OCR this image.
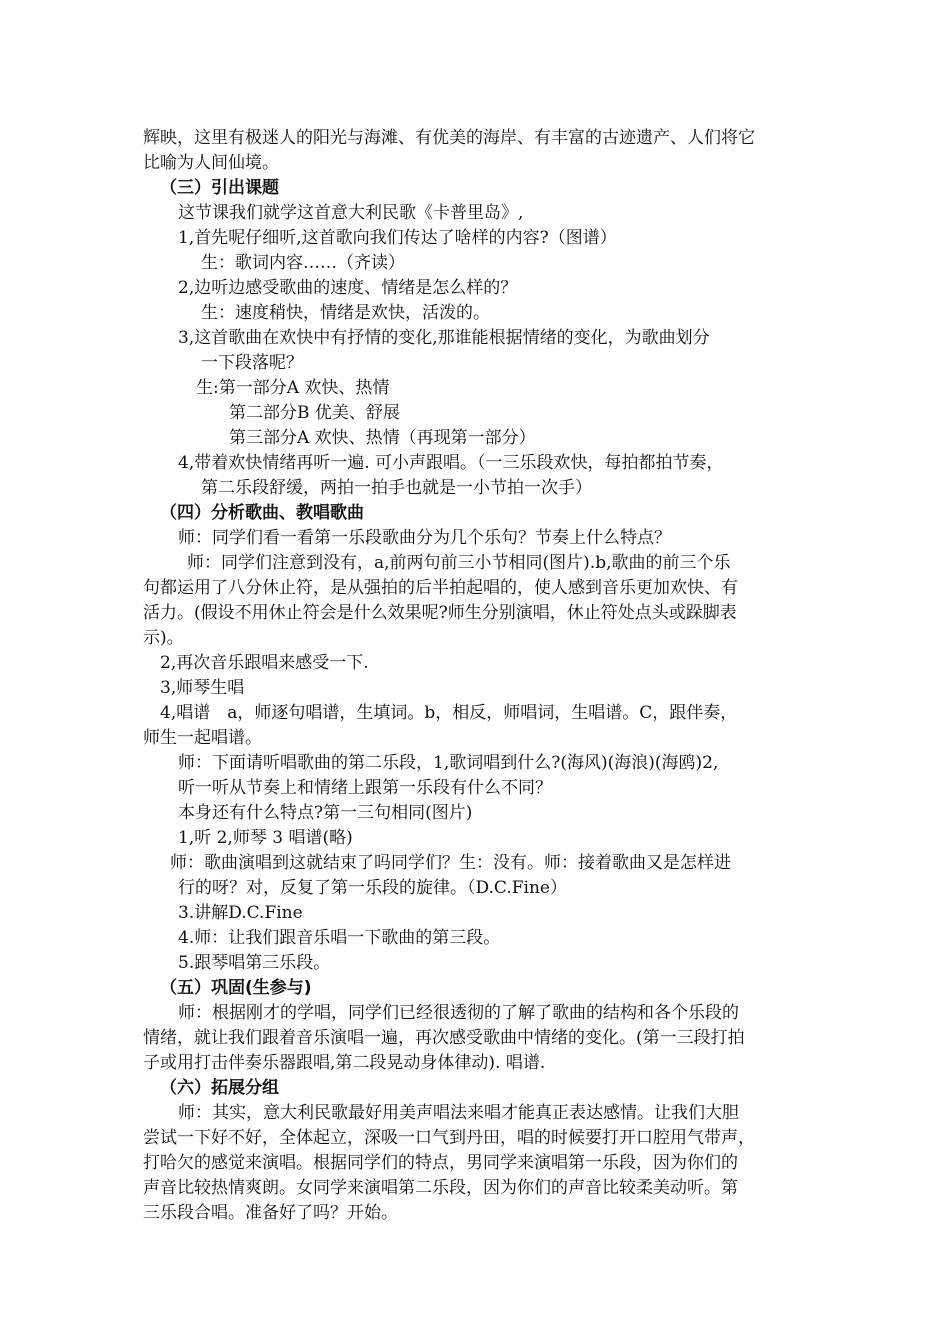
辉映，这里有极迷人的阳光与海滩、有优美的海岸、有丰富的古迹遗产、人们将它
比喻为人间仙境。
（三）引出课题
这节课我们就学这首意大利民歌《卡普里岛》,
1,首先呢仔细听,这首歌向我们传达了啥样的内容?（图谱）
生：歌词内容……（齐读）
2,边听边感受歌曲的速度、情绪是怎么样的？
生：速度稍快，情绪是欢快，活泼的。
3,这首歌曲在欢快中有抒情的变化,那谁能根据情绪的变化，为歌曲划分
一下段落呢？
生:第一部分A 欢快、热情
第二部分B 优美、舒展
第三部分A 欢快、热情（再现第一部分）
4,带着欢快情绪再听一遍. 可小声跟唱。（一三乐段欢快，每拍都拍节奏，
第二乐段舒缓，两拍一拍手也就是一小节拍一次手）
（四）分析歌曲、教唱歌曲
师：同学们看一看第一乐段歌曲分为几个乐句？节奏上什么特点？
师：同学们注意到没有，a,前两句前三小节相同(图片).b,歌曲的前三个乐
句都运用了八分休止符，是从强拍的后半拍起唱的，使人感到音乐更加欢快、有
活力。(假设不用休止符会是什么效果呢?师生分别演唱，休止符处点头或跺脚表
示)。
2,再次音乐跟唱来感受一下.
3,师琴生唱
4,唱谱　a，师逐句唱谱，生填词。b，相反，师唱词，生唱谱。C，跟伴奏，
师生一起唱谱。
师：下面请听唱歌曲的第二乐段，1,歌词唱到什么?(海风)(海浪)(海鸥)2,
听一听从节奏上和情绪上跟第一乐段有什么不同？
本身还有什么特点?第一三句相同(图片)
1,听 2,师琴 3 唱谱(略)
师：歌曲演唱到这就结束了吗同学们？生：没有。师：接着歌曲又是怎样进
行的呀？对，反复了第一乐段的旋律。（D.C.Fine）
3.讲解D.C.Fine
4.师：让我们跟音乐唱一下歌曲的第三段。
5.跟琴唱第三乐段。
（五）巩固(生参与)
师：根据刚才的学唱，同学们已经很透彻的了解了歌曲的结构和各个乐段的
情绪，就让我们跟着音乐演唱一遍，再次感受歌曲中情绪的变化。(第一三段打拍
子或用打击伴奏乐器跟唱,第二段晃动身体律动). 唱谱.
（六）拓展分组
师：其实，意大利民歌最好用美声唱法来唱才能真正表达感情。让我们大胆
尝试一下好不好，全体起立，深吸一口气到丹田，唱的时候要打开口腔用气带声，
打哈欠的感觉来演唱。根据同学们的特点，男同学来演唱第一乐段，因为你们的
声音比较热情爽朗。女同学来演唱第二乐段，因为你们的声音比较柔美动听。第
三乐段合唱。准备好了吗？开始。
